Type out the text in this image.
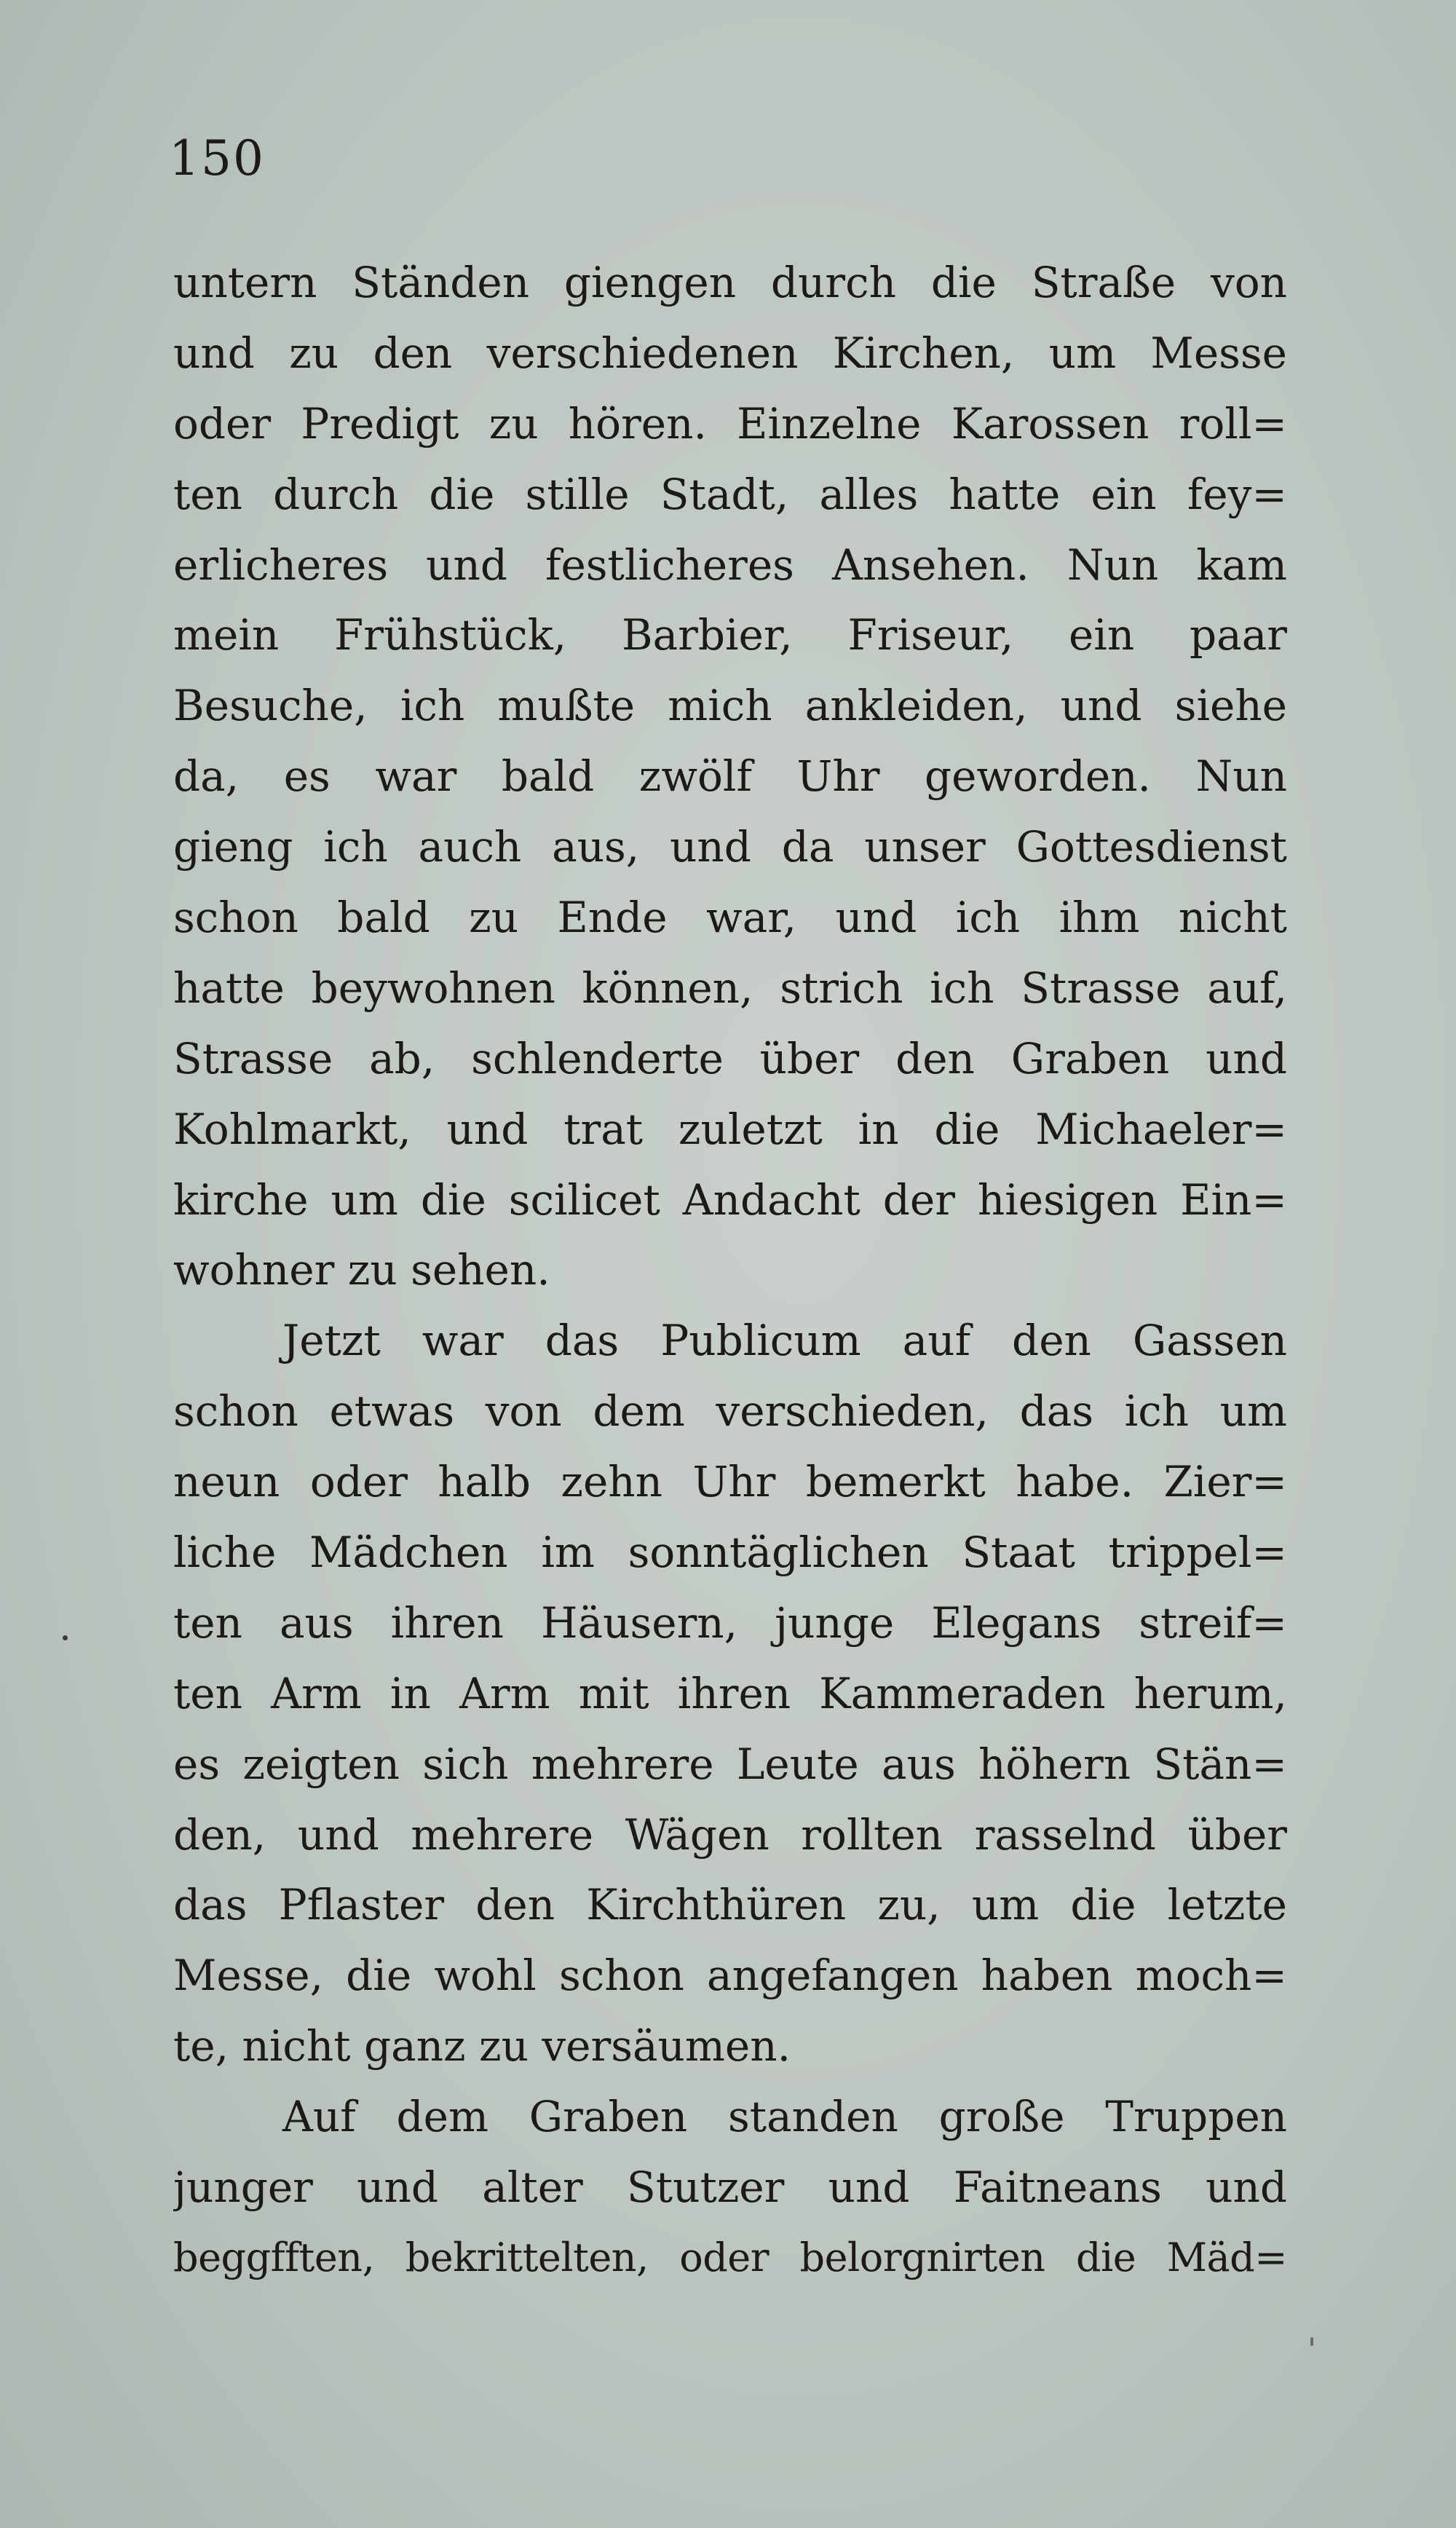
150
untern Ständen giengen durch die Straße von
und zu den verschiedenen Kirchen, um Messe
oder Predigt zu hören. Einzelne Karossen roll=
ten durch die stille Stadt, alles hatte ein fey=
erlicheres und festlicheres Ansehen. Nun kam
mein Frühstück, Barbier, Friseur, ein paar
Besuche, ich mußte mich ankleiden, und siehe
da, es war bald zwölf Uhr geworden. Nun
gieng ich auch aus, und da unser Gottesdienst
schon bald zu Ende war, und ich ihm nicht
hatte beywohnen können, strich ich Strasse auf,
Strasse ab, schlenderte über den Graben und
Kohlmarkt, und trat zuletzt in die Michaeler=
kirche um die scilicet Andacht der hiesigen Ein=
wohner zu sehen.
Jetzt war das Publicum auf den Gassen
schon etwas von dem verschieden, das ich um
neun oder halb zehn Uhr bemerkt habe. Zier=
liche Mädchen im sonntäglichen Staat trippel=
ten aus ihren Häusern, junge Elegans streif=
ten Arm in Arm mit ihren Kammeraden herum,
es zeigten sich mehrere Leute aus höhern Stän=
den, und mehrere Wägen rollten rasselnd über
das Pflaster den Kirchthüren zu, um die letzte
Messe, die wohl schon angefangen haben moch=
te, nicht ganz zu versäumen.
Auf dem Graben standen große Truppen
junger und alter Stutzer und Faitneans und
beggfften, bekrittelten, oder belorgnirten die Mäd=
